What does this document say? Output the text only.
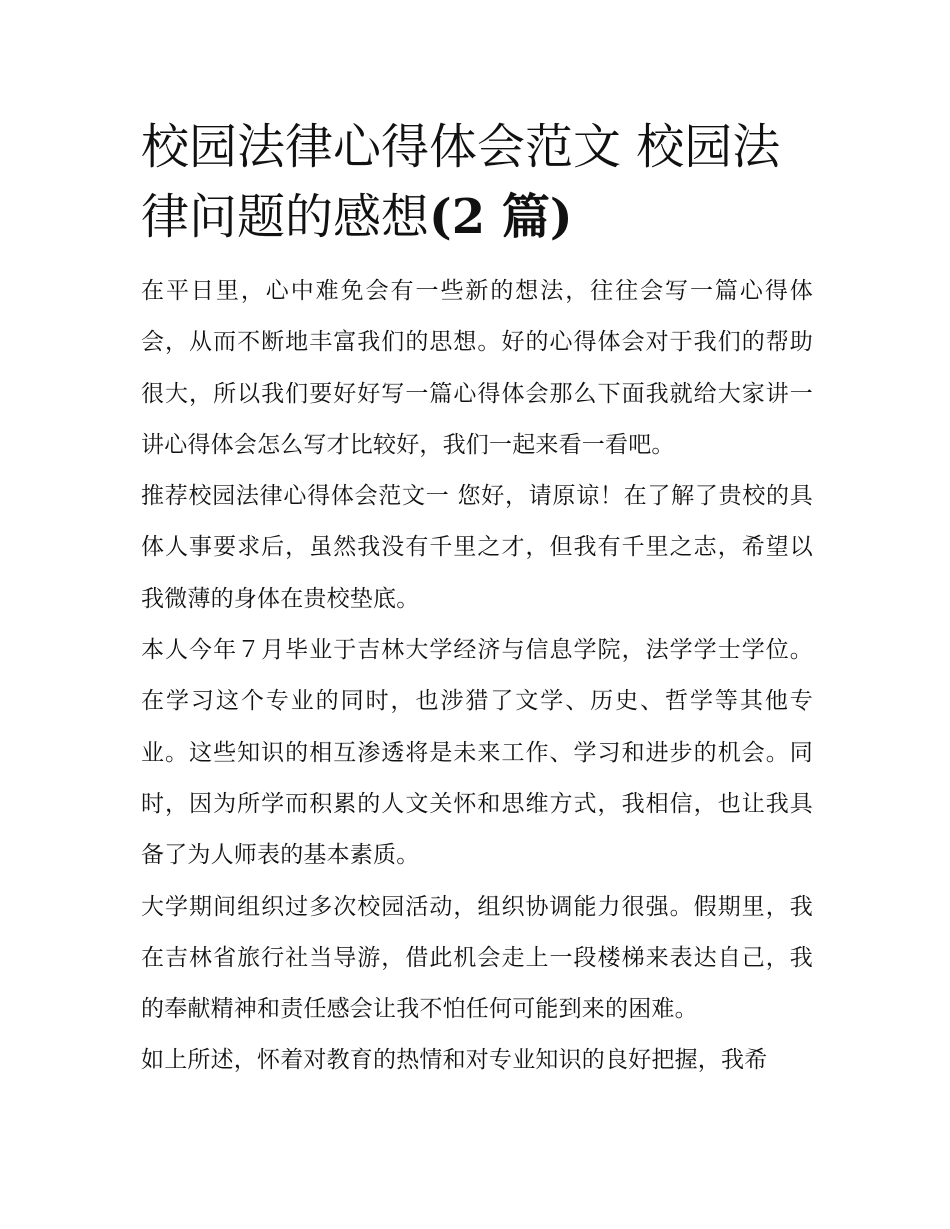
校园法律心得体会范文 校园法
律问题的感想(2 篇)

在平日里，心中难免会有一些新的想法，往往会写一篇心得体会，从而不断地丰富我们的思想。好的心得体会对于我们的帮助很大，所以我们要好好写一篇心得体会那么下面我就给大家讲一讲心得体会怎么写才比较好，我们一起来看一看吧。

推荐校园法律心得体会范文一 您好，请原谅！在了解了贵校的具体人事要求后，虽然我没有千里之才，但我有千里之志，希望以我微薄的身体在贵校垫底。

本人今年７月毕业于吉林大学经济与信息学院，法学学士学位。在学习这个专业的同时，也涉猎了文学、历史、哲学等其他专业。这些知识的相互渗透将是未来工作、学习和进步的机会。同时，因为所学而积累的人文关怀和思维方式，我相信，也让我具备了为人师表的基本素质。

大学期间组织过多次校园活动，组织协调能力很强。假期里，我在吉林省旅行社当导游，借此机会走上一段楼梯来表达自己，我的奉献精神和责任感会让我不怕任何可能到来的困难。

如上所述，怀着对教育的热情和对专业知识的良好把握，我希
